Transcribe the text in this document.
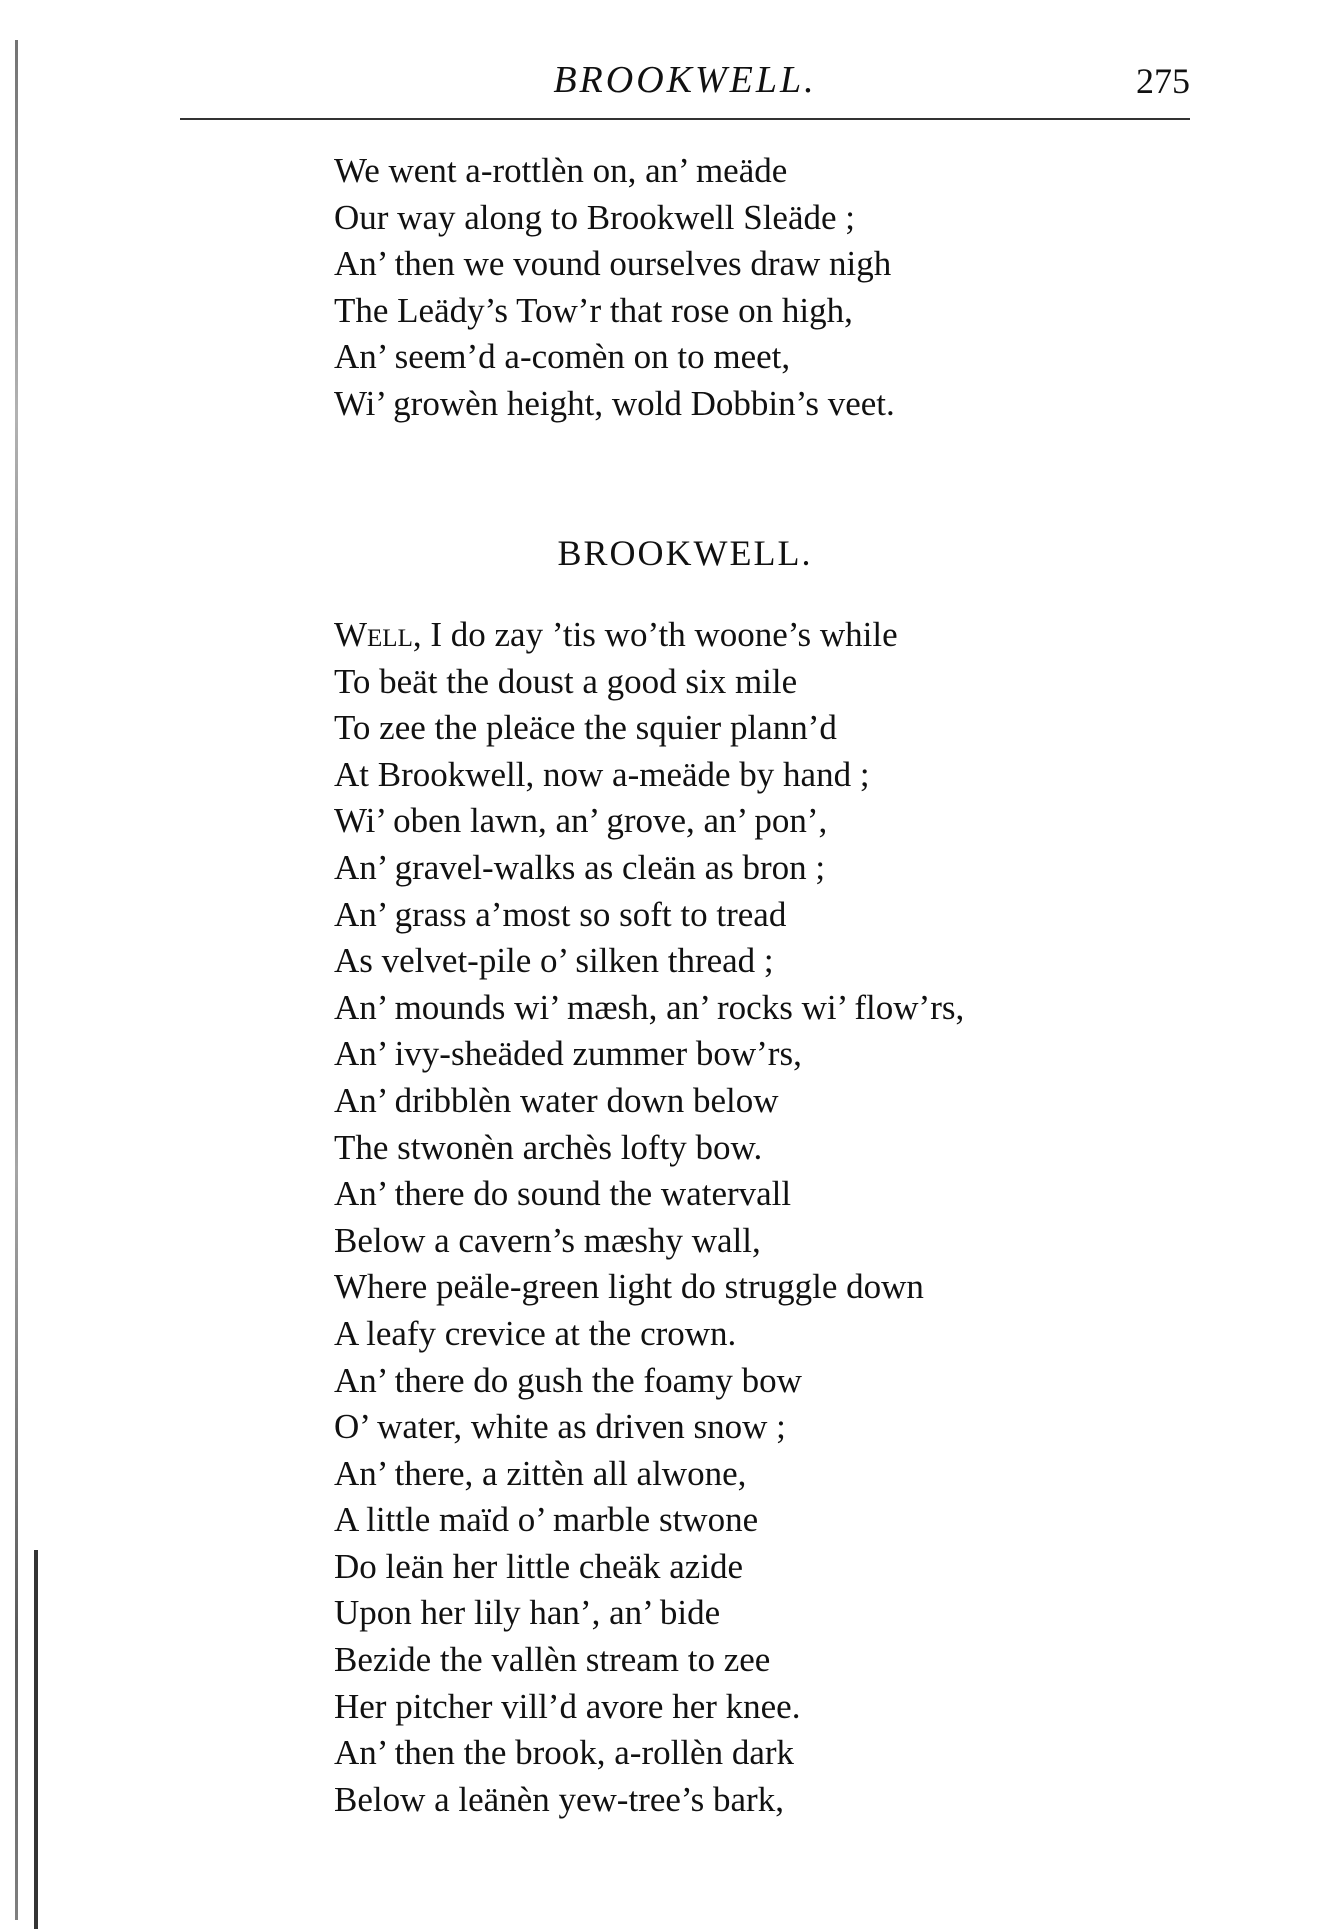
BROOKWELL.	275
We went a-rottlèn on, an’ meäde
Our way along to Brookwell Sleäde ;
An’ then we vound ourselves draw nigh
The Leädy’s Tow’r that rose on high,
An’ seem’d a-comèn on to meet,
Wi’ growèn height, wold Dobbin’s veet.
BROOKWELL.
Well, I do zay ’tis wo’th woone’s while
To beät the doust a good six mile
To zee the pleäce the squier plann’d
At Brookwell, now a-meäde by hand ;
Wi’ oben lawn, an’ grove, an’ pon’,
An’ gravel-walks as cleän as bron ;
An’ grass a’most so soft to tread
As velvet-pile o’ silken thread ;
An’ mounds wi’ mæsh, an’ rocks wi’ flow’rs,
An’ ivy-sheäded zummer bow’rs,
An’ dribblèn water down below
The stwonèn archès lofty bow.
An’ there do sound the watervall
Below a cavern’s mæshy wall,
Where peäle-green light do struggle down
A leafy crevice at the crown.
An’ there do gush the foamy bow
O’ water, white as driven snow ;
An’ there, a zittèn all alwone,
A little maïd o’ marble stwone
Do leän her little cheäk azide
Upon her lily han’, an’ bide
Bezide the vallèn stream to zee
Her pitcher vill’d avore her knee.
An’ then the brook, a-rollèn dark
Below a leänèn yew-tree’s bark,
